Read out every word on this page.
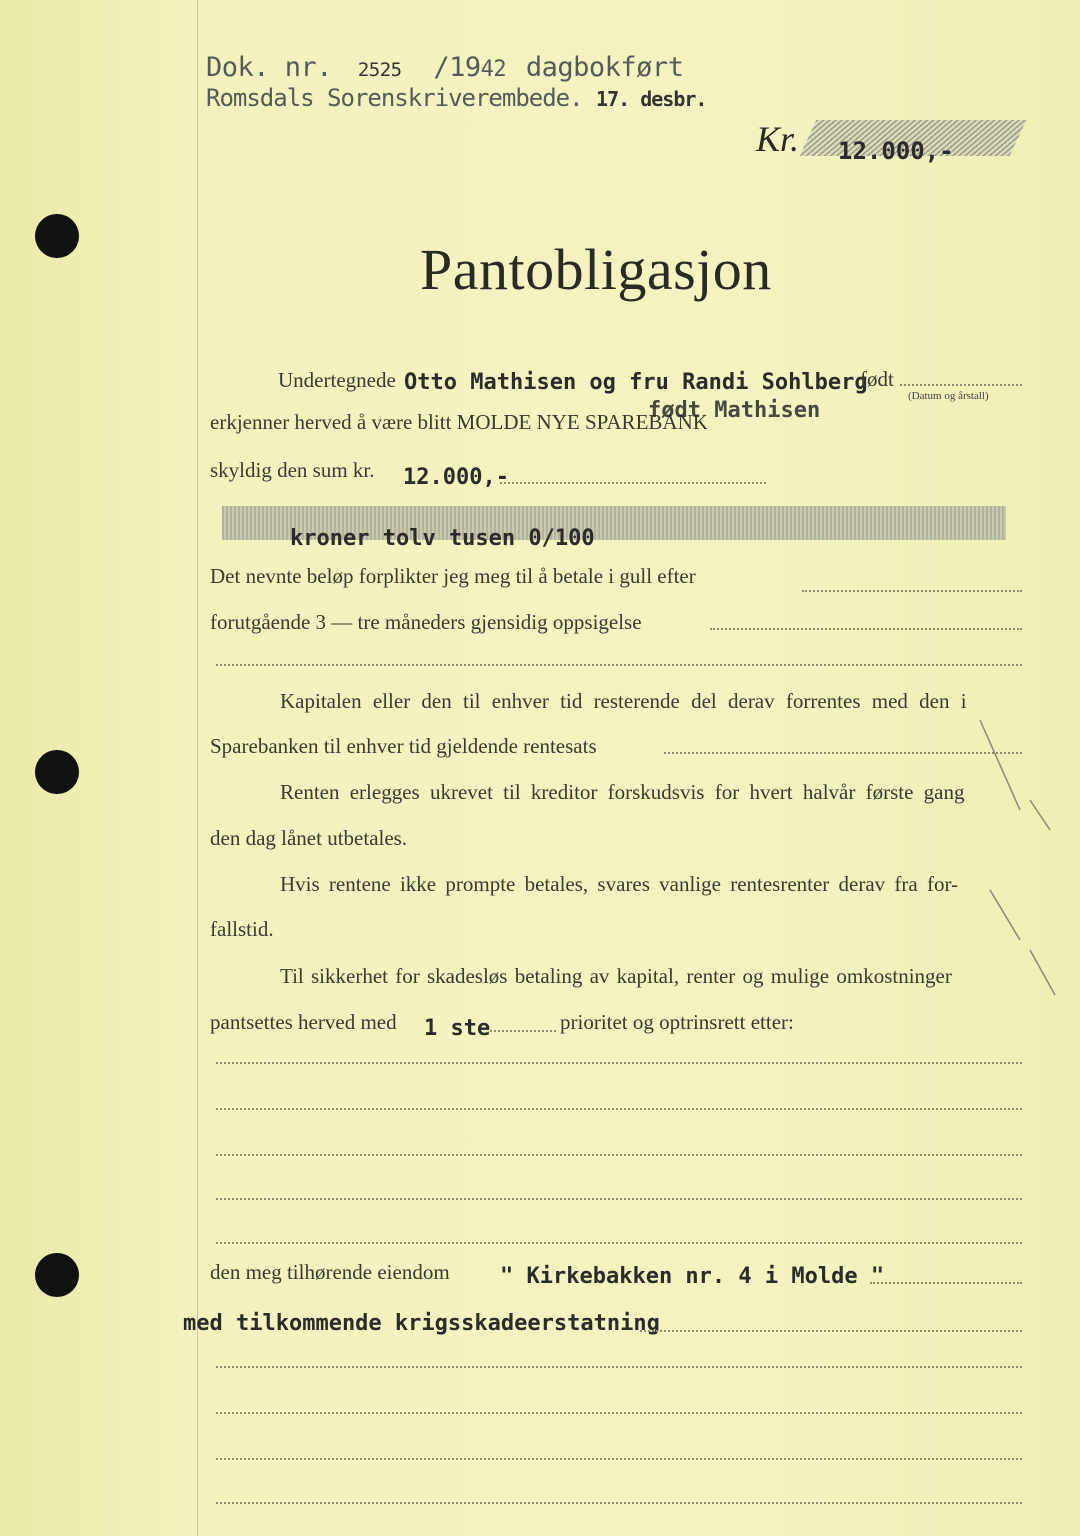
Dok. nr. 2525 /1942 dagbokført
Romsdals Sorenskriverembede. 17. desbr.
Kr. 12.000,-
Pantobligasjon
Undertegnede Otto Mathisen og fru Randi Sohlberg
født
(Datum og årstall)
erkjenner herved å være blitt MOLDE NYE SPAREBANK
født Mathisen
skyldig den sum kr. 12.000,-
kroner tolv tusen 0/100
Det nevnte beløp forplikter jeg meg til å betale i gull efter
forutgående 3 — tre måneders gjensidig oppsigelse
Kapitalen eller den til enhver tid resterende del derav forrentes med den i
Sparebanken til enhver tid gjeldende rentesats
Renten erlegges ukrevet til kreditor forskudsvis for hvert halvår første gang
den dag lånet utbetales.
Hvis rentene ikke prompte betales, svares vanlige rentesrenter derav fra for-
fallstid.
Til sikkerhet for skadesløs betaling av kapital, renter og mulige omkostninger
pantsettes herved med 1 ste	prioritet og optrinsrett etter:
den meg tilhørende eiendom " Kirkebakken nr. 4 i Molde "
med tilkommende krigsskadeerstatning
